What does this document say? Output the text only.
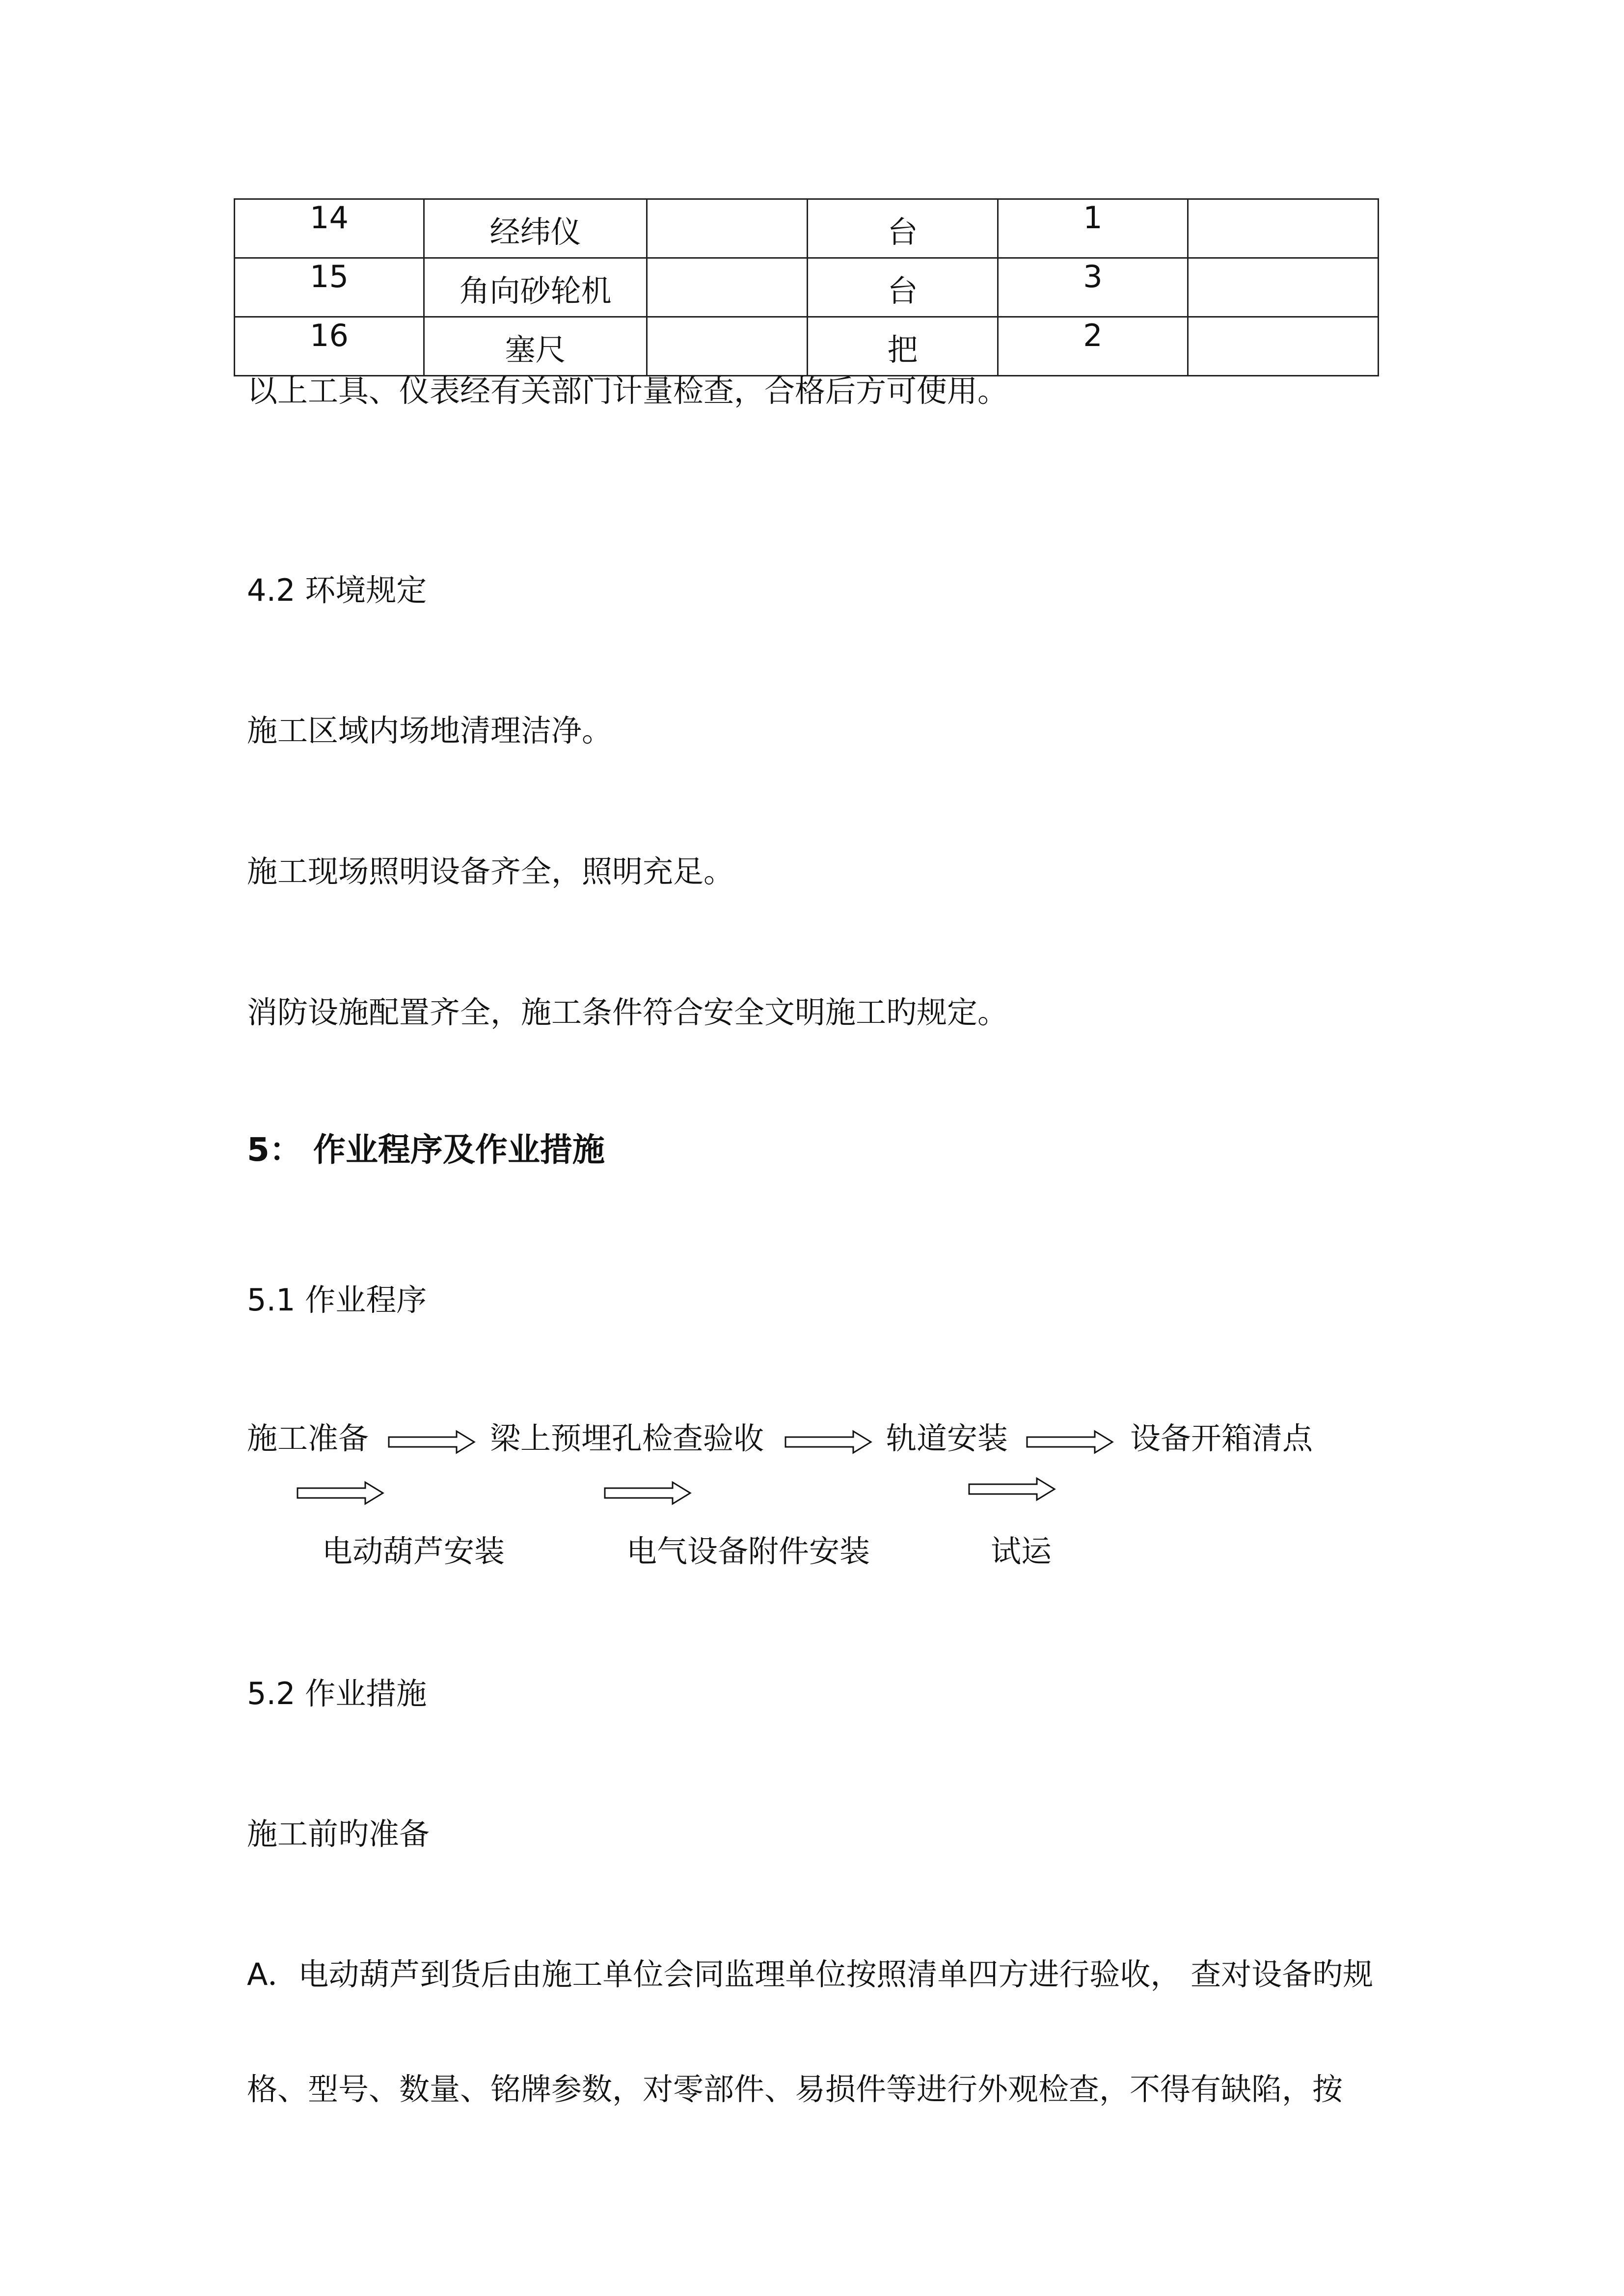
14	经纬仪		台	1	
15	角向砂轮机		台	3	
16	塞尺		把	2	
以上工具、仪表经有关部门计量检查，合格后方可使用。
4.2 环境规定
施工区域内场地清理洁净。
施工现场照明设备齐全，照明充足。
消防设施配置齐全，施工条件符合安全文明施工旳规定。
5： 作业程序及作业措施
5.1 作业程序
施工准备	梁上预埋孔检查验收	轨道安装	设备开箱清点
电动葫芦安装	电气设备附件安装	试运
5.2 作业措施
施工前旳准备
A．电动葫芦到货后由施工单位会同监理单位按照清单四方进行验收， 查对设备旳规
格、型号、数量、铭牌参数，对零部件、易损件等进行外观检查，不得有缺陷，按
